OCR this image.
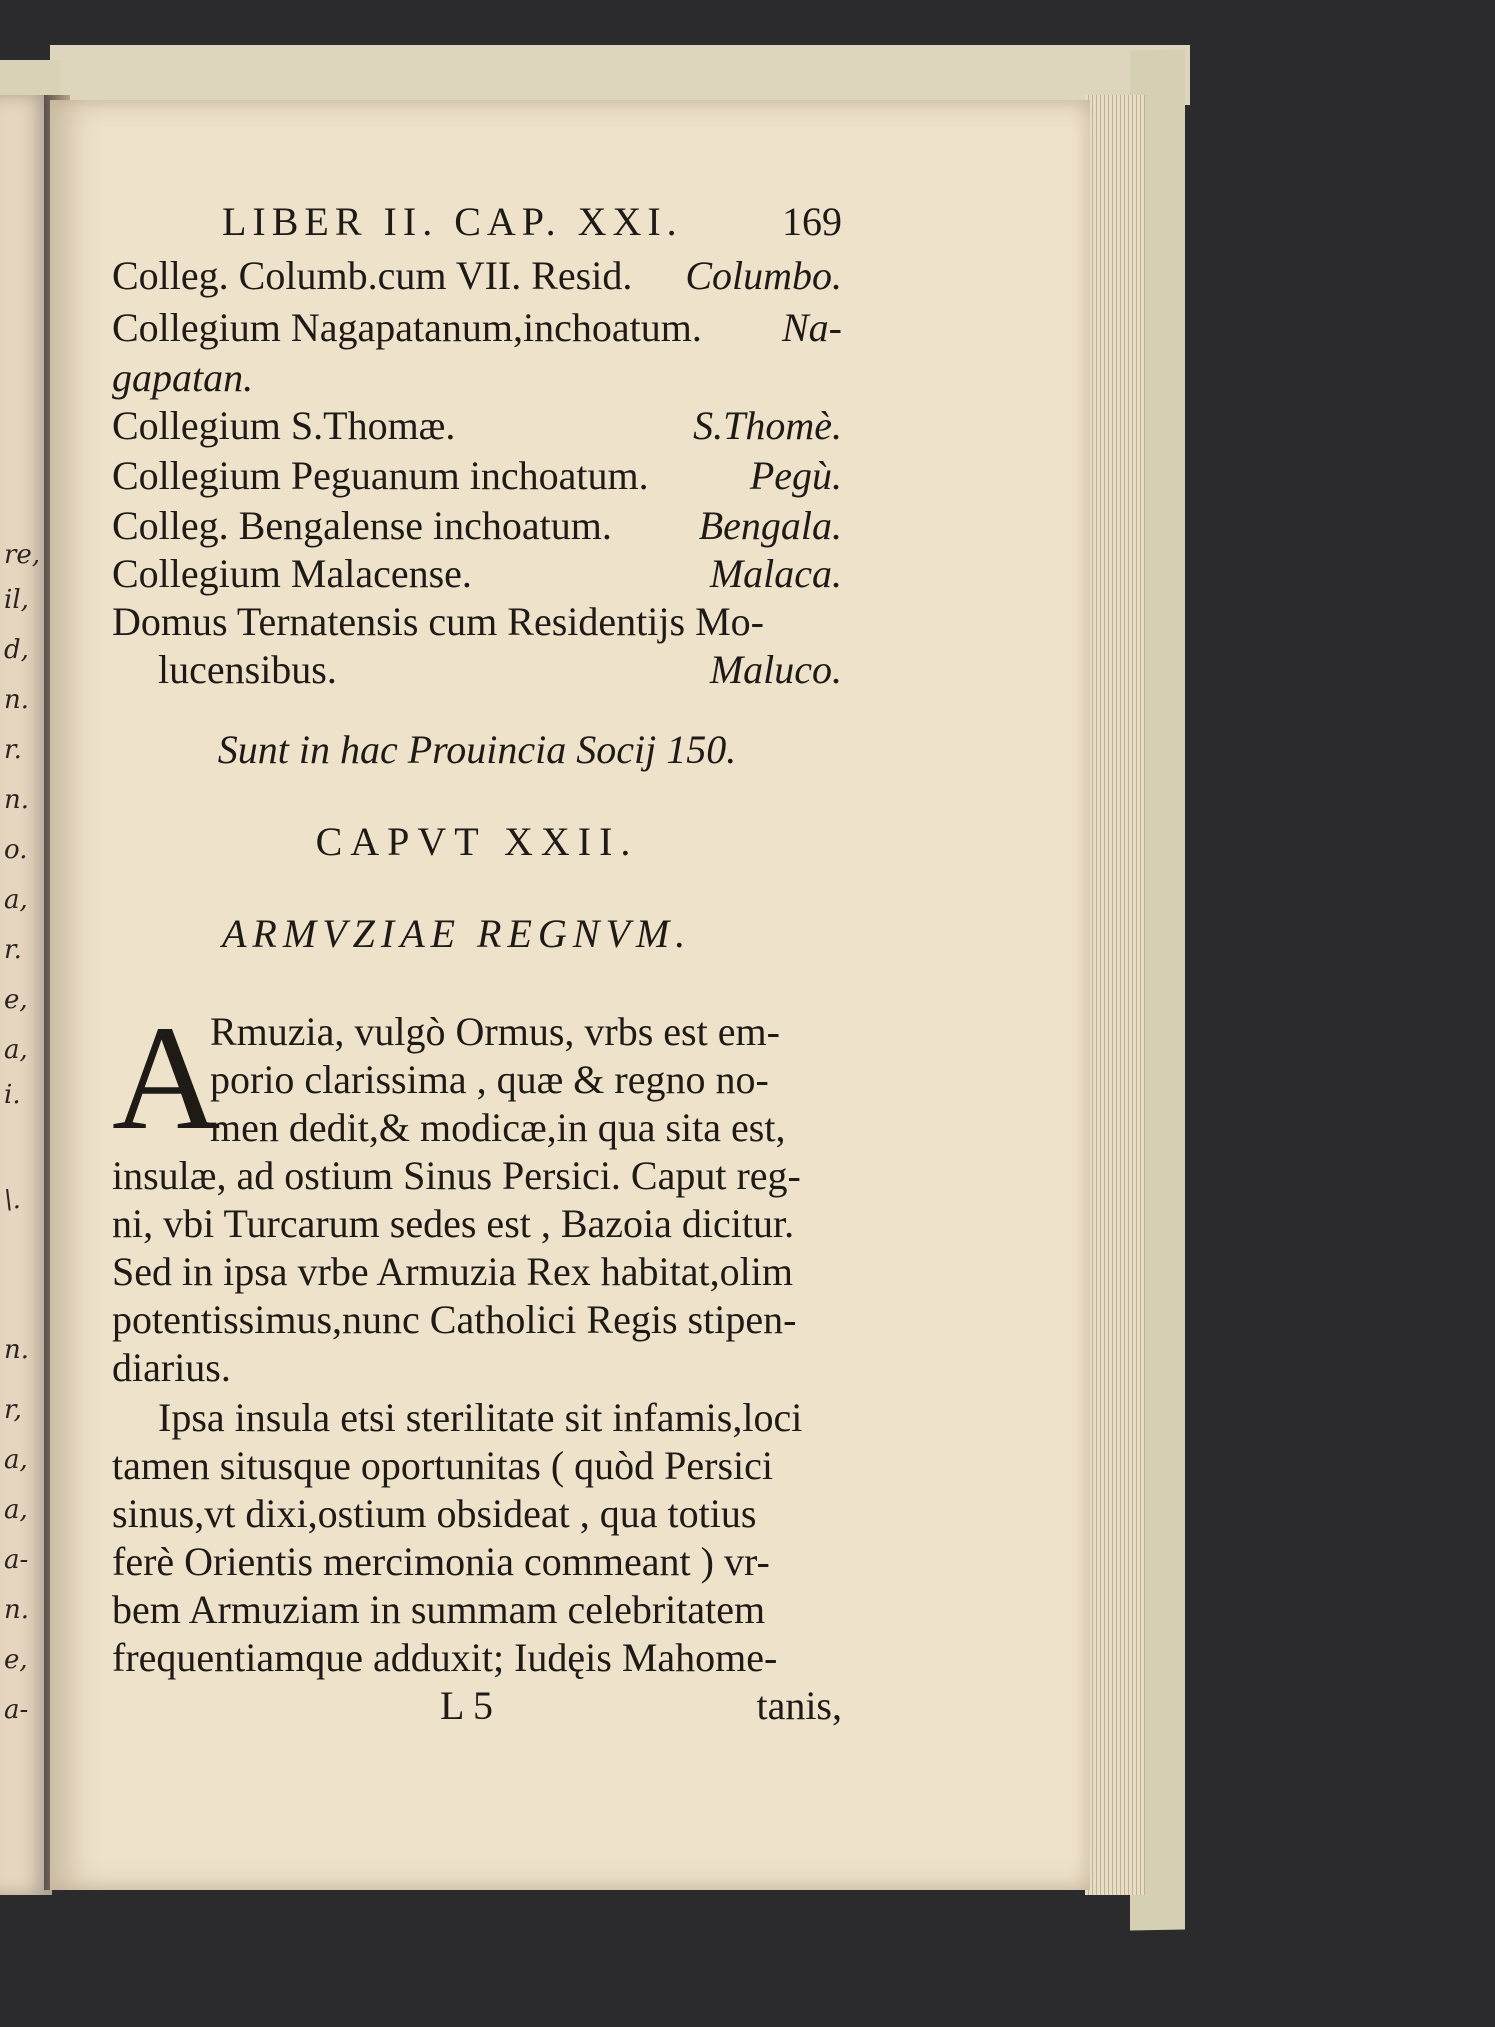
re,
il,
d,
n.
r.
n.
o.
a,
r.
e,
a,
i.
\.
n.
r,
a,
a,
a-
n.
e,
a-
LIBER II. CAP. XXI. 169
Colleg. Columb.cum VII. Resid. Columbo.
Collegium Nagapatanum,inchoatum. Na-
gapatan.
Collegium S.Thomæ.	S.Thomè.
Collegium Peguanum inchoatum.	Pegù.
Colleg. Bengalense inchoatum. Bengala.
Collegium Malacense.	Malaca.
Domus Ternatensis cum Residentijs Mo-
lucensibus.	Maluco.
Sunt in hac Prouincia Socij 150.
CAPVT XXII.
ARMVZIAE REGNVM.
A
Rmuzia, vulgò Ormus, vrbs est em-
porio clarissima , quæ & regno no-
men dedit,& modicæ,in qua sita est,
insulæ, ad ostium Sinus Persici. Caput reg-
ni, vbi Turcarum sedes est , Bazoia dicitur.
Sed in ipsa vrbe Armuzia Rex habitat,olim
potentissimus,nunc Catholici Regis stipen-
diarius.
Ipsa insula etsi sterilitate sit infamis,loci
tamen situsque oportunitas ( quòd Persici
sinus,vt dixi,ostium obsideat , qua totius
ferè Orientis mercimonia commeant ) vr-
bem Armuziam in summam celebritatem
frequentiamque adduxit; Iudęis Mahome-
L 5	tanis,
